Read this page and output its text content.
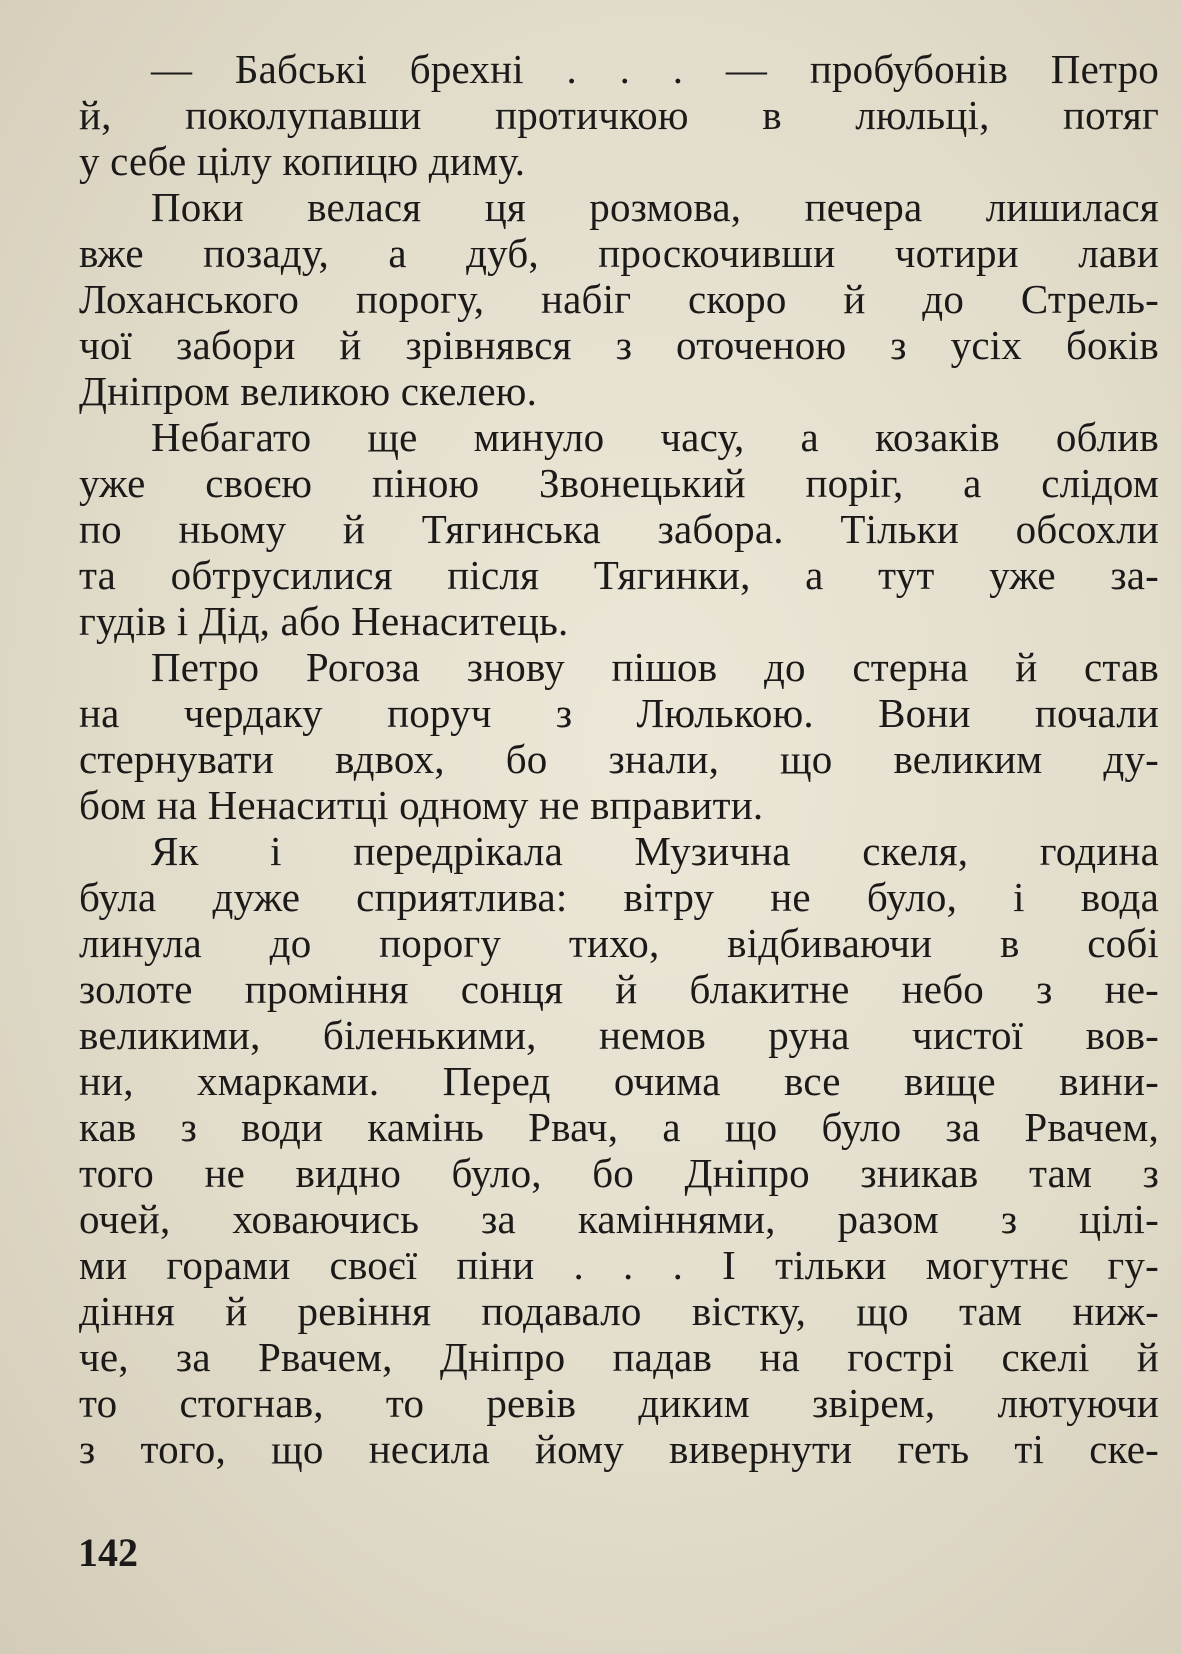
— Бабські брехні . . . — пробубонів Петро
й, поколупавши протичкою в люльці, потяг
у себе цілу копицю диму.
Поки велася ця розмова, печера лишилася
вже позаду, а дуб, проскочивши чотири лави
Лоханського порогу, набіг скоро й до Стрель-
чої забори й зрівнявся з оточеною з усіх боків
Дніпром великою скелею.
Небагато ще минуло часу, а козаків облив
уже своєю піною Звонецький поріг, а слідом
по ньому й Тягинська забора. Тільки обсохли
та обтрусилися після Тягинки, а тут уже за-
гудів і Дід, або Ненаситець.
Петро Рогоза знову пішов до стерна й став
на чердаку поруч з Люлькою. Вони почали
стернувати вдвох, бо знали, що великим ду-
бом на Ненаситці одному не вправити.
Як і передрікала Музична скеля, година
була дуже сприятлива: вітру не було, і вода
линула до порогу тихо, відбиваючи в собі
золоте проміння сонця й блакитне небо з не-
великими, біленькими, немов руна чистої вов-
ни, хмарками. Перед очима все вище вини-
кав з води камінь Рвач, а що було за Рвачем,
того не видно було, бо Дніпро зникав там з
очей, ховаючись за каміннями, разом з цілі-
ми горами своєї піни . . . І тільки могутнє гу-
діння й ревіння подавало вістку, що там ниж-
че, за Рвачем, Дніпро падав на гострі скелі й
то стогнав, то ревів диким звірем, лютуючи
з того, що несила йому вивернути геть ті ске-
142
